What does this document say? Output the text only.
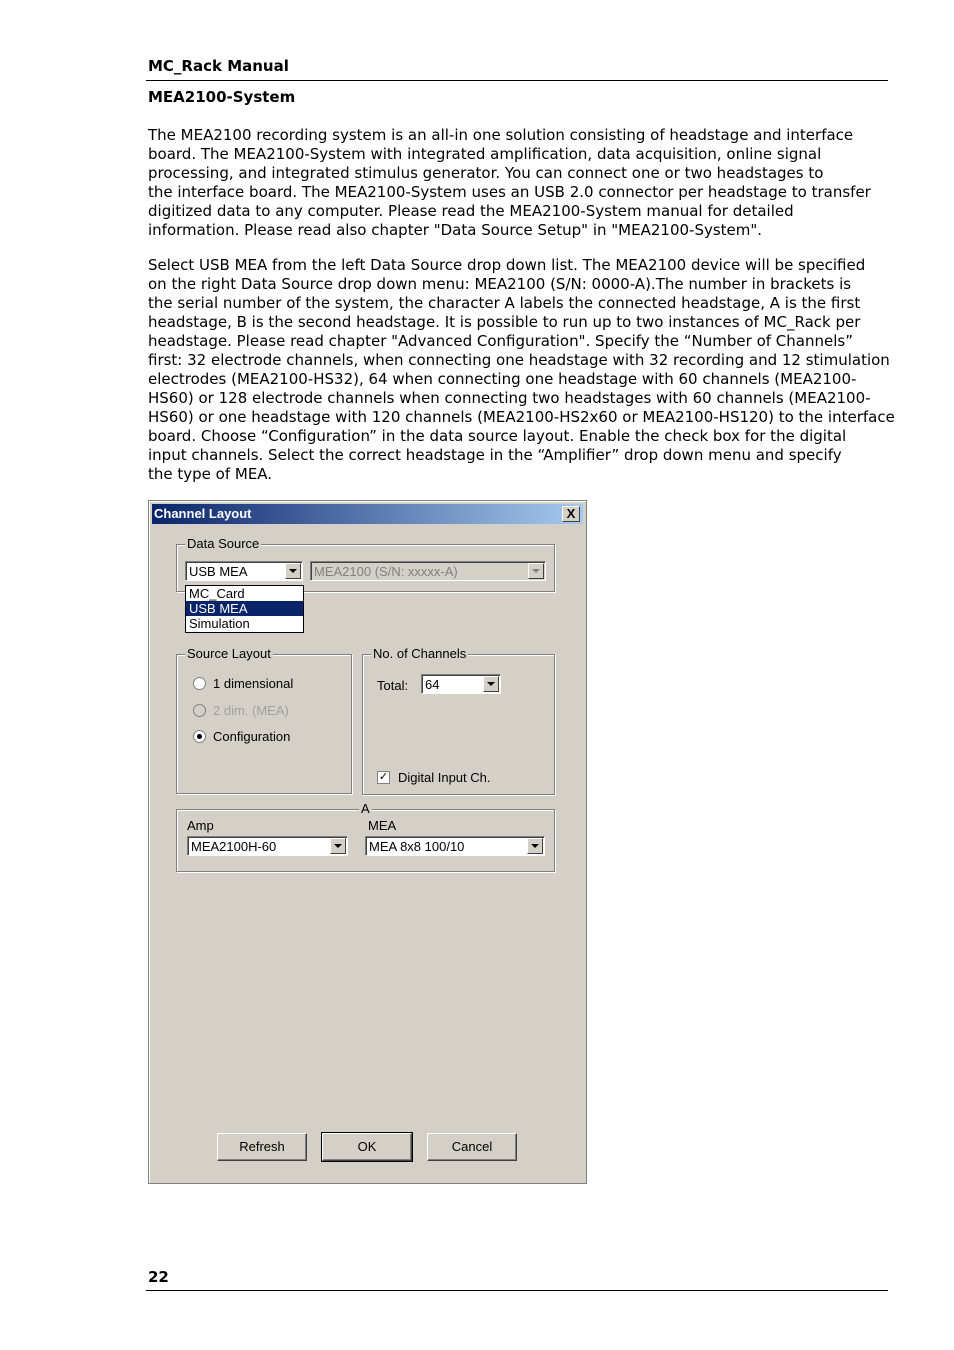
MC_Rack Manual
MEA2100-System
The MEA2100 recording system is an all-in one solution consisting of headstage and interface
board. The MEA2100-System with integrated amplification, data acquisition, online signal
processing, and integrated stimulus generator. You can connect one or two headstages to
the interface board. The MEA2100-System uses an USB 2.0 connector per headstage to transfer
digitized data to any computer. Please read the MEA2100-System manual for detailed
information. Please read also chapter "Data Source Setup" in "MEA2100-System".
Select USB MEA from the left Data Source drop down list. The MEA2100 device will be specified
on the right Data Source drop down menu: MEA2100 (S/N: 0000-A).The number in brackets is
the serial number of the system, the character A labels the connected headstage, A is the first
headstage, B is the second headstage. It is possible to run up to two instances of MC_Rack per
headstage. Please read chapter "Advanced Configuration". Specify the “Number of Channels”
first: 32 electrode channels, when connecting one headstage with 32 recording and 12 stimulation
electrodes (MEA2100-HS32), 64 when connecting one headstage with 60 channels (MEA2100-
HS60) or 128 electrode channels when connecting two headstages with 60 channels (MEA2100-
HS60) or one headstage with 120 channels (MEA2100-HS2x60 or MEA2100-HS120) to the interface
board. Choose “Configuration” in the data source layout. Enable the check box for the digital
input channels. Select the correct headstage in the “Amplifier” drop down menu and specify
the type of MEA.
Channel Layout	X
Data Source
USB MEA	MEA2100 (S/N: xxxxx-A)
MC_Card
USB MEA
Simulation
Source Layout
1 dimensional
2 dim. (MEA)
Configuration
No. of Channels
Total: 64
✓ Digital Input Ch.
A
Amp
MEA2100H-60
MEA
MEA 8x8 100/10
Refresh	OK	Cancel
22
